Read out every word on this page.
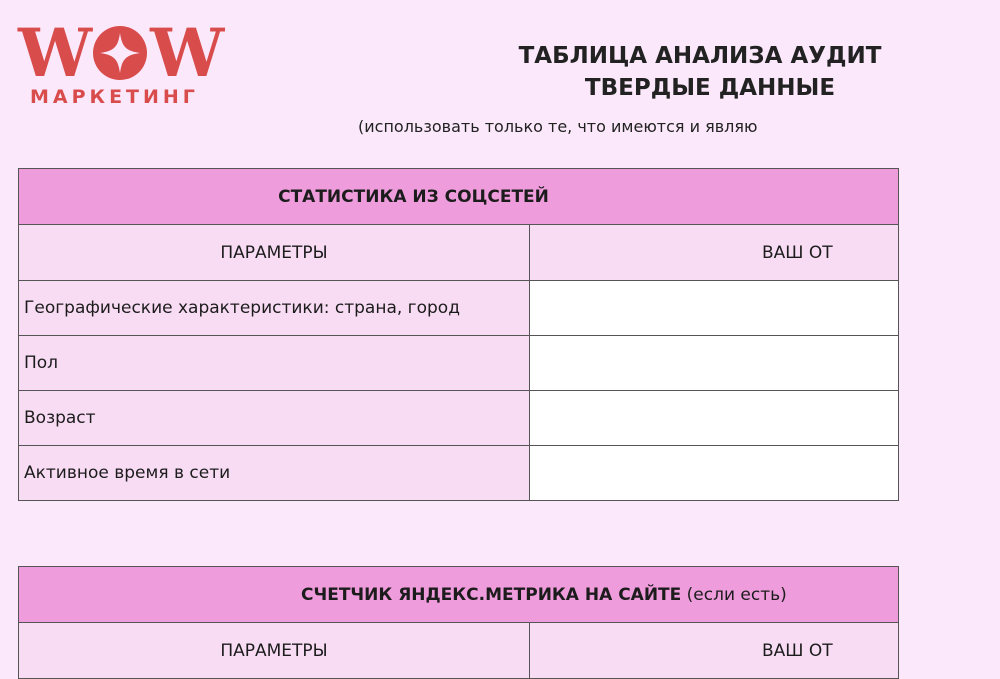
W W
МАРКЕТИНГ
ТАБЛИЦА АНАЛИЗА АУДИТ
ТВЕРДЫЕ ДАННЫЕ
(использовать только те, что имеются и являю
СТАТИСТИКА ИЗ СОЦСЕТЕЙ	
ПАРАМЕТРЫ	ВАШ ОТ
Географические характеристики: страна, город	
Пол	
Возраст	
Активное время в сети	
СЧЕТЧИК ЯНДЕКС.МЕТРИКА НА САЙТЕ (если есть)
ПАРАМЕТРЫ	ВАШ ОТ
